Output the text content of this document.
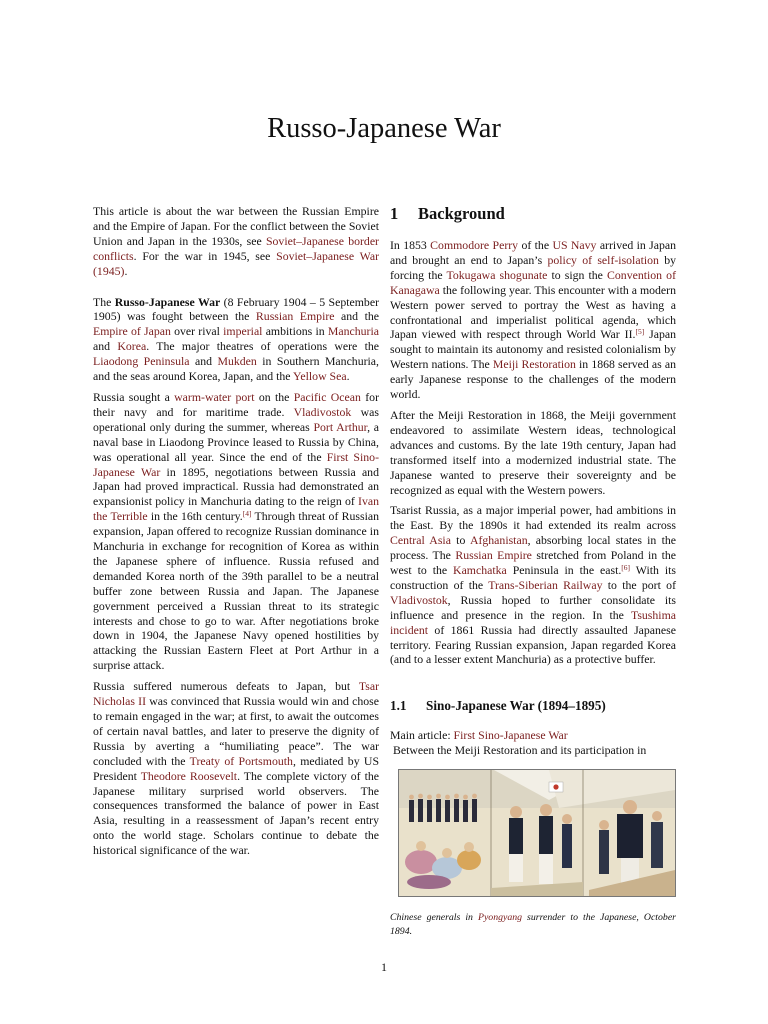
Russo-Japanese War

This article is about the war between the Russian Empire and the Empire of Japan. For the conflict between the Soviet Union and Japan in the 1930s, see Soviet–Japanese border conflicts. For the war in 1945, see Soviet–Japanese War (1945).

The Russo-Japanese War (8 February 1904 – 5 September 1905) was fought between the Russian Empire and the Empire of Japan over rival imperial ambitions in Manchuria and Korea. The major theatres of operations were the Liaodong Peninsula and Mukden in Southern Manchuria, and the seas around Korea, Japan, and the Yellow Sea.

Russia sought a warm-water port on the Pacific Ocean for their navy and for maritime trade. Vladivostok was operational only during the summer, whereas Port Arthur, a naval base in Liaodong Province leased to Russia by China, was operational all year. Since the end of the First Sino-Japanese War in 1895, negotiations between Russia and Japan had proved impractical. Russia had demonstrated an expansionist policy in Manchuria dating to the reign of Ivan the Terrible in the 16th century.[4] Through threat of Russian expansion, Japan offered to recognize Russian dominance in Manchuria in exchange for recognition of Korea as within the Japanese sphere of influence. Russia refused and demanded Korea north of the 39th parallel to be a neutral buffer zone between Russia and Japan. The Japanese government perceived a Russian threat to its strategic interests and chose to go to war. After negotiations broke down in 1904, the Japanese Navy opened hostilities by attacking the Russian Eastern Fleet at Port Arthur in a surprise attack.

Russia suffered numerous defeats to Japan, but Tsar Nicholas II was convinced that Russia would win and chose to remain engaged in the war; at first, to await the outcomes of certain naval battles, and later to preserve the dignity of Russia by averting a “humiliating peace”. The war concluded with the Treaty of Portsmouth, mediated by US President Theodore Roosevelt. The complete victory of the Japanese military surprised world observers. The consequences transformed the balance of power in East Asia, resulting in a reassessment of Japan’s recent entry onto the world stage. Scholars continue to debate the historical significance of the war.

1 Background

In 1853 Commodore Perry of the US Navy arrived in Japan and brought an end to Japan’s policy of self-isolation by forcing the Tokugawa shogunate to sign the Convention of Kanagawa the following year. This encounter with a modern Western power served to portray the West as having a confrontational and imperialist political agenda, which Japan viewed with respect through World War II.[5] Japan sought to maintain its autonomy and resisted colonialism by Western nations. The Meiji Restoration in 1868 served as an early Japanese response to the challenges of the modern world.

After the Meiji Restoration in 1868, the Meiji government endeavored to assimilate Western ideas, technological advances and customs. By the late 19th century, Japan had transformed itself into a modernized industrial state. The Japanese wanted to preserve their sovereignty and be recognized as equal with the Western powers.

Tsarist Russia, as a major imperial power, had ambitions in the East. By the 1890s it had extended its realm across Central Asia to Afghanistan, absorbing local states in the process. The Russian Empire stretched from Poland in the west to the Kamchatka Peninsula in the east.[6] With its construction of the Trans-Siberian Railway to the port of Vladivostok, Russia hoped to further consolidate its influence and presence in the region. In the Tsushima incident of 1861 Russia had directly assaulted Japanese territory. Fearing Russian expansion, Japan regarded Korea (and to a lesser extent Manchuria) as a protective buffer.

1.1 Sino-Japanese War (1894–1895)

Main article: First Sino-Japanese War

Between the Meiji Restoration and its participation in

Chinese generals in Pyongyang surrender to the Japanese, October 1894.

1
